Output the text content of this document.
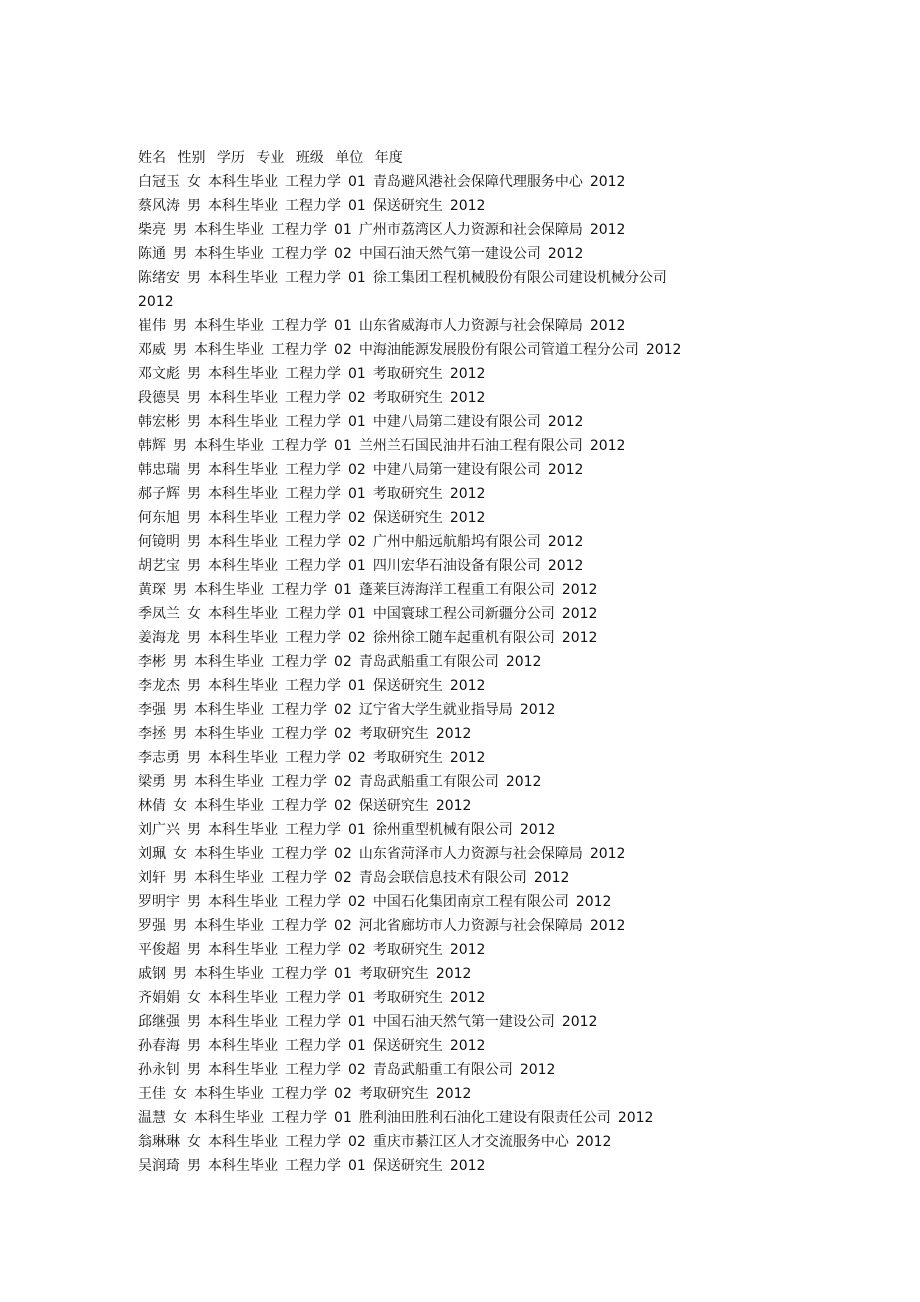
姓名 性别 学历 专业 班级 单位 年度
白冠玉 女 本科生毕业 工程力学 01 青岛避风港社会保障代理服务中心 2012
蔡风涛 男 本科生毕业 工程力学 01 保送研究生 2012
柴亮 男 本科生毕业 工程力学 01 广州市荔湾区人力资源和社会保障局 2012
陈通 男 本科生毕业 工程力学 02 中国石油天然气第一建设公司 2012
陈绪安 男 本科生毕业 工程力学 01 徐工集团工程机械股份有限公司建设机械分公司
2012
崔伟 男 本科生毕业 工程力学 01 山东省威海市人力资源与社会保障局 2012
邓威 男 本科生毕业 工程力学 02 中海油能源发展股份有限公司管道工程分公司 2012
邓文彪 男 本科生毕业 工程力学 01 考取研究生 2012
段德昊 男 本科生毕业 工程力学 02 考取研究生 2012
韩宏彬 男 本科生毕业 工程力学 01 中建八局第二建设有限公司 2012
韩辉 男 本科生毕业 工程力学 01 兰州兰石国民油井石油工程有限公司 2012
韩忠瑞 男 本科生毕业 工程力学 02 中建八局第一建设有限公司 2012
郝子辉 男 本科生毕业 工程力学 01 考取研究生 2012
何东旭 男 本科生毕业 工程力学 02 保送研究生 2012
何镜明 男 本科生毕业 工程力学 02 广州中船远航船坞有限公司 2012
胡艺宝 男 本科生毕业 工程力学 01 四川宏华石油设备有限公司 2012
黄琛 男 本科生毕业 工程力学 01 蓬莱巨涛海洋工程重工有限公司 2012
季凤兰 女 本科生毕业 工程力学 01 中国寰球工程公司新疆分公司 2012
姜海龙 男 本科生毕业 工程力学 02 徐州徐工随车起重机有限公司 2012
李彬 男 本科生毕业 工程力学 02 青岛武船重工有限公司 2012
李龙杰 男 本科生毕业 工程力学 01 保送研究生 2012
李强 男 本科生毕业 工程力学 02 辽宁省大学生就业指导局 2012
李拯 男 本科生毕业 工程力学 02 考取研究生 2012
李志勇 男 本科生毕业 工程力学 02 考取研究生 2012
梁勇 男 本科生毕业 工程力学 02 青岛武船重工有限公司 2012
林倩 女 本科生毕业 工程力学 02 保送研究生 2012
刘广兴 男 本科生毕业 工程力学 01 徐州重型机械有限公司 2012
刘珮 女 本科生毕业 工程力学 02 山东省菏泽市人力资源与社会保障局 2012
刘轩 男 本科生毕业 工程力学 02 青岛会联信息技术有限公司 2012
罗明宇 男 本科生毕业 工程力学 02 中国石化集团南京工程有限公司 2012
罗强 男 本科生毕业 工程力学 02 河北省廊坊市人力资源与社会保障局 2012
平俊超 男 本科生毕业 工程力学 02 考取研究生 2012
戚钢 男 本科生毕业 工程力学 01 考取研究生 2012
齐娟娟 女 本科生毕业 工程力学 01 考取研究生 2012
邱继强 男 本科生毕业 工程力学 01 中国石油天然气第一建设公司 2012
孙春海 男 本科生毕业 工程力学 01 保送研究生 2012
孙永钊 男 本科生毕业 工程力学 02 青岛武船重工有限公司 2012
王佳 女 本科生毕业 工程力学 02 考取研究生 2012
温慧 女 本科生毕业 工程力学 01 胜利油田胜利石油化工建设有限责任公司 2012
翁琳琳 女 本科生毕业 工程力学 02 重庆市綦江区人才交流服务中心 2012
吴润琦 男 本科生毕业 工程力学 01 保送研究生 2012
